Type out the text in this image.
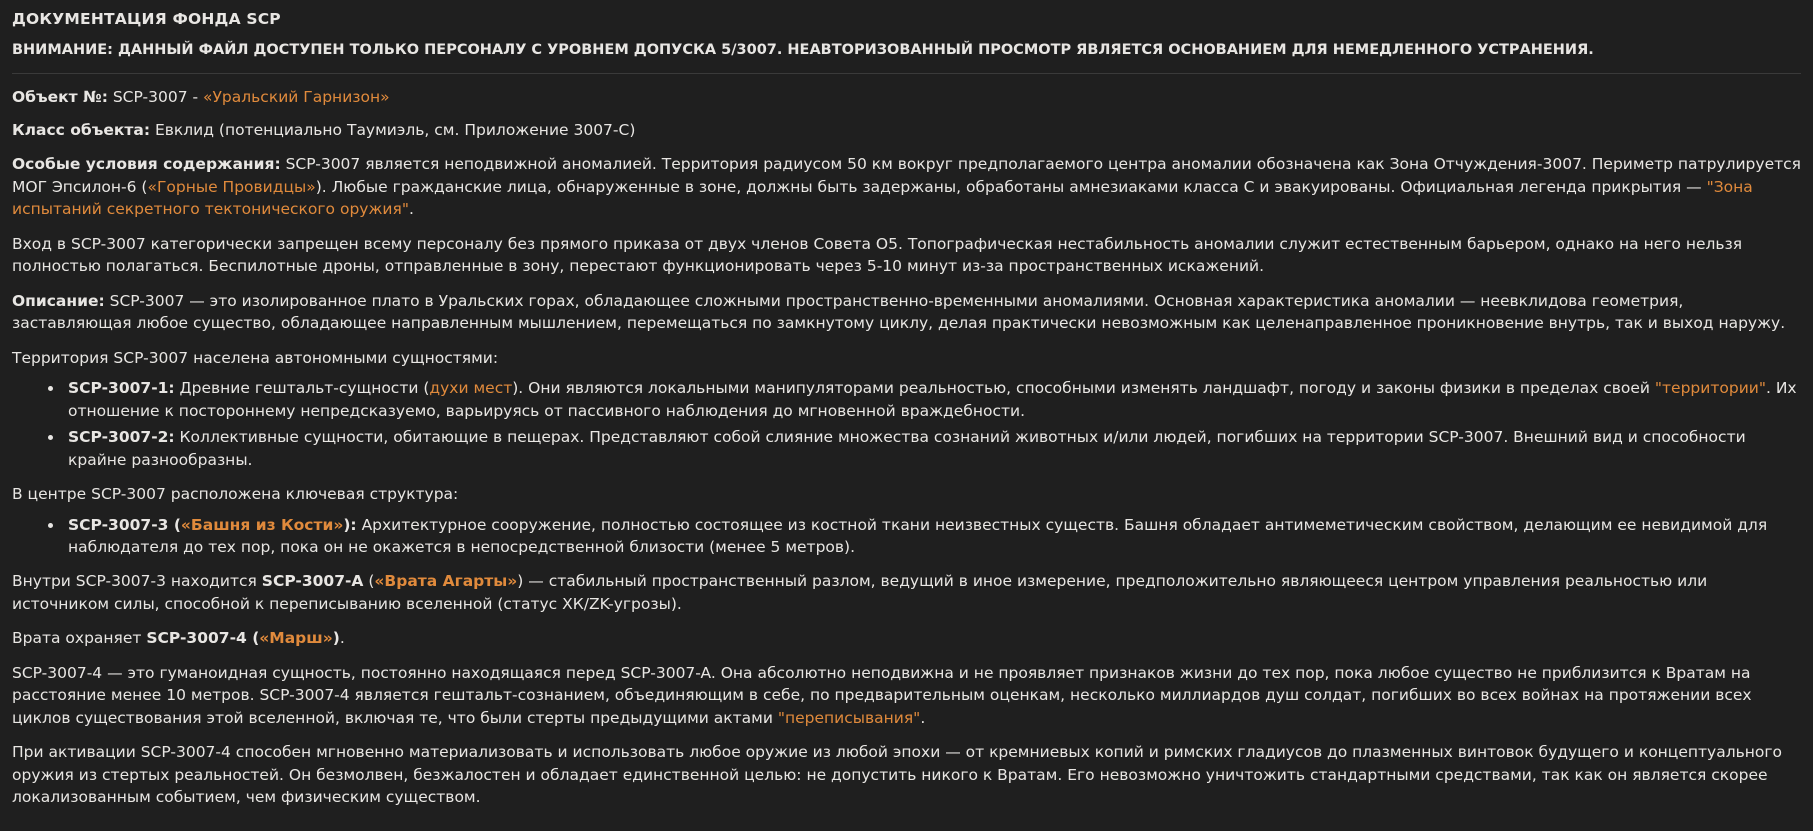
ДОКУМЕНТАЦИЯ ФОНДА SCP
ВНИМАНИЕ: ДАННЫЙ ФАЙЛ ДОСТУПЕН ТОЛЬКО ПЕРСОНАЛУ С УРОВНЕМ ДОПУСКА 5/3007. НЕАВТОРИЗОВАННЫЙ ПРОСМОТР ЯВЛЯЕТСЯ ОСНОВАНИЕМ ДЛЯ НЕМЕДЛЕННОГО УСТРАНЕНИЯ.

Объект №: SCP-3007 - «Уральский Гарнизон»

Класс объекта: Евклид (потенциально Таумиэль, см. Приложение 3007-С)

Особые условия содержания: SCP-3007 является неподвижной аномалией. Территория радиусом 50 км вокруг предполагаемого центра аномалии обозначена как Зона Отчуждения-3007. Периметр патрулируется МОГ Эпсилон-6 («Горные Провидцы»). Любые гражданские лица, обнаруженные в зоне, должны быть задержаны, обработаны амнезиаками класса С и эвакуированы. Официальная легенда прикрытия — "Зона испытаний секретного тектонического оружия".

Вход в SCP-3007 категорически запрещен всему персоналу без прямого приказа от двух членов Совета О5. Топографическая нестабильность аномалии служит естественным барьером, однако на него нельзя полностью полагаться. Беспилотные дроны, отправленные в зону, перестают функционировать через 5-10 минут из-за пространственных искажений.

Описание: SCP-3007 — это изолированное плато в Уральских горах, обладающее сложными пространственно-временными аномалиями. Основная характеристика аномалии — неевклидова геометрия, заставляющая любое существо, обладающее направленным мышлением, перемещаться по замкнутому циклу, делая практически невозможным как целенаправленное проникновение внутрь, так и выход наружу.

Территория SCP-3007 населена автономными сущностями:

• SCP-3007-1: Древние гештальт-сущности (духи мест). Они являются локальными манипуляторами реальностью, способными изменять ландшафт, погоду и законы физики в пределах своей "территории". Их отношение к постороннему непредсказуемо, варьируясь от пассивного наблюдения до мгновенной враждебности.
• SCP-3007-2: Коллективные сущности, обитающие в пещерах. Представляют собой слияние множества сознаний животных и/или людей, погибших на территории SCP-3007. Внешний вид и способности крайне разнообразны.

В центре SCP-3007 расположена ключевая структура:

• SCP-3007-3 («Башня из Кости»): Архитектурное сооружение, полностью состоящее из костной ткани неизвестных существ. Башня обладает антимеметическим свойством, делающим ее невидимой для наблюдателя до тех пор, пока он не окажется в непосредственной близости (менее 5 метров).

Внутри SCP-3007-3 находится SCP-3007-A («Врата Агарты») — стабильный пространственный разлом, ведущий в иное измерение, предположительно являющееся центром управления реальностью или источником силы, способной к переписыванию вселенной (статус ХК/ZK-угрозы).

Врата охраняет SCP-3007-4 («Марш»).

SCP-3007-4 — это гуманоидная сущность, постоянно находящаяся перед SCP-3007-A. Она абсолютно неподвижна и не проявляет признаков жизни до тех пор, пока любое существо не приблизится к Вратам на расстояние менее 10 метров. SCP-3007-4 является гештальт-сознанием, объединяющим в себе, по предварительным оценкам, несколько миллиардов душ солдат, погибших во всех войнах на протяжении всех циклов существования этой вселенной, включая те, что были стерты предыдущими актами "переписывания".

При активации SCP-3007-4 способен мгновенно материализовать и использовать любое оружие из любой эпохи — от кремниевых копий и римских гладиусов до плазменных винтовок будущего и концептуального оружия из стертых реальностей. Он безмолвен, безжалостен и обладает единственной целью: не допустить никого к Вратам. Его невозможно уничтожить стандартными средствами, так как он является скорее локализованным событием, чем физическим существом.
